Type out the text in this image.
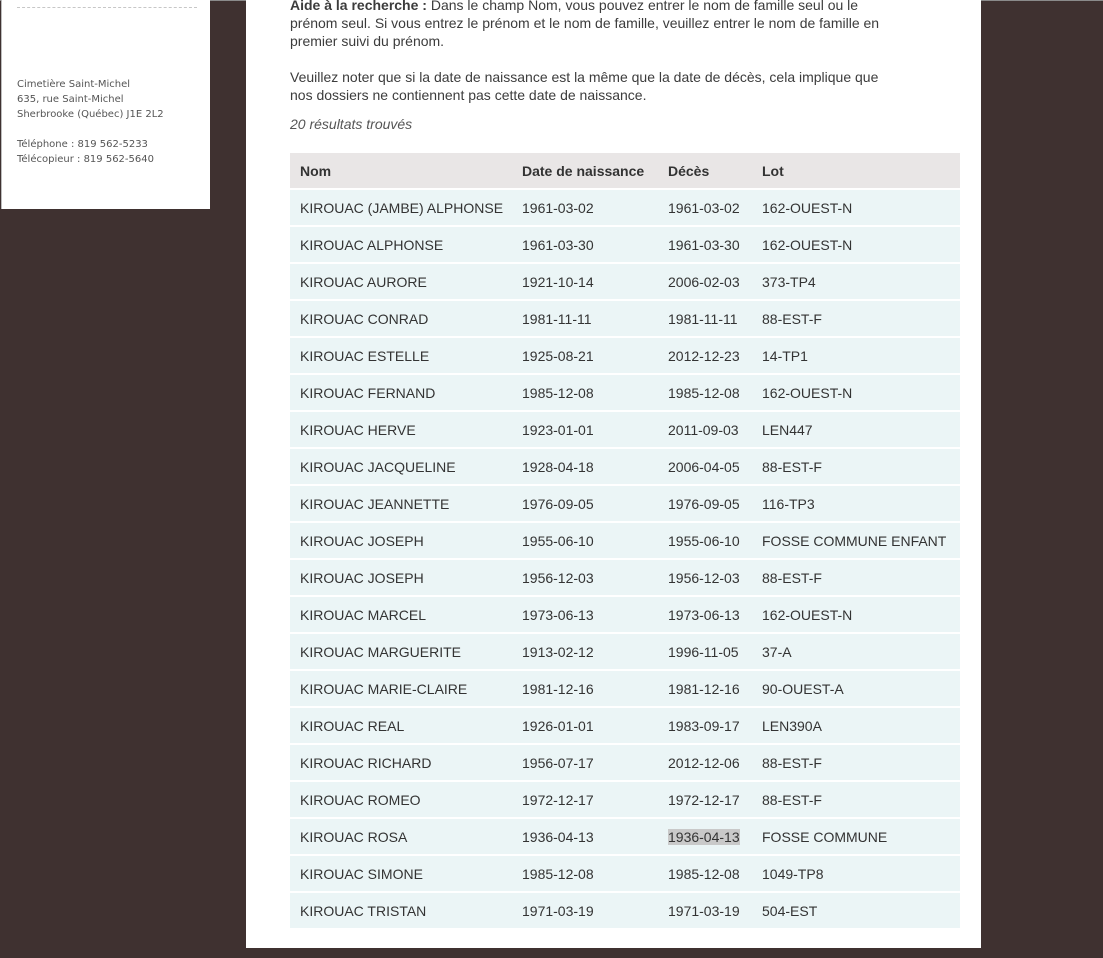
Cimetière Saint-Michel
635, rue Saint-Michel
Sherbrooke (Québec) J1E 2L2
Téléphone : 819 562-5233
Télécopieur : 819 562-5640

Aide à la recherche : Dans le champ Nom, vous pouvez entrer le nom de famille seul ou le prénom seul. Si vous entrez le prénom et le nom de famille, veuillez entrer le nom de famille en premier suivi du prénom.

Veuillez noter que si la date de naissance est la même que la date de décès, cela implique que nos dossiers ne contiennent pas cette date de naissance.

20 résultats trouvés
Nom	Date de naissance	Décès	Lot
KIROUAC (JAMBE) ALPHONSE	1961-03-02	1961-03-02	162-OUEST-N
KIROUAC ALPHONSE	1961-03-30	1961-03-30	162-OUEST-N
KIROUAC AURORE	1921-10-14	2006-02-03	373-TP4
KIROUAC CONRAD	1981-11-11	1981-11-11	88-EST-F
KIROUAC ESTELLE	1925-08-21	2012-12-23	14-TP1
KIROUAC FERNAND	1985-12-08	1985-12-08	162-OUEST-N
KIROUAC HERVE	1923-01-01	2011-09-03	LEN447
KIROUAC JACQUELINE	1928-04-18	2006-04-05	88-EST-F
KIROUAC JEANNETTE	1976-09-05	1976-09-05	116-TP3
KIROUAC JOSEPH	1955-06-10	1955-06-10	FOSSE COMMUNE ENFANT
KIROUAC JOSEPH	1956-12-03	1956-12-03	88-EST-F
KIROUAC MARCEL	1973-06-13	1973-06-13	162-OUEST-N
KIROUAC MARGUERITE	1913-02-12	1996-11-05	37-A
KIROUAC MARIE-CLAIRE	1981-12-16	1981-12-16	90-OUEST-A
KIROUAC REAL	1926-01-01	1983-09-17	LEN390A
KIROUAC RICHARD	1956-07-17	2012-12-06	88-EST-F
KIROUAC ROMEO	1972-12-17	1972-12-17	88-EST-F
KIROUAC ROSA	1936-04-13	1936-04-13	FOSSE COMMUNE
KIROUAC SIMONE	1985-12-08	1985-12-08	1049-TP8
KIROUAC TRISTAN	1971-03-19	1971-03-19	504-EST
